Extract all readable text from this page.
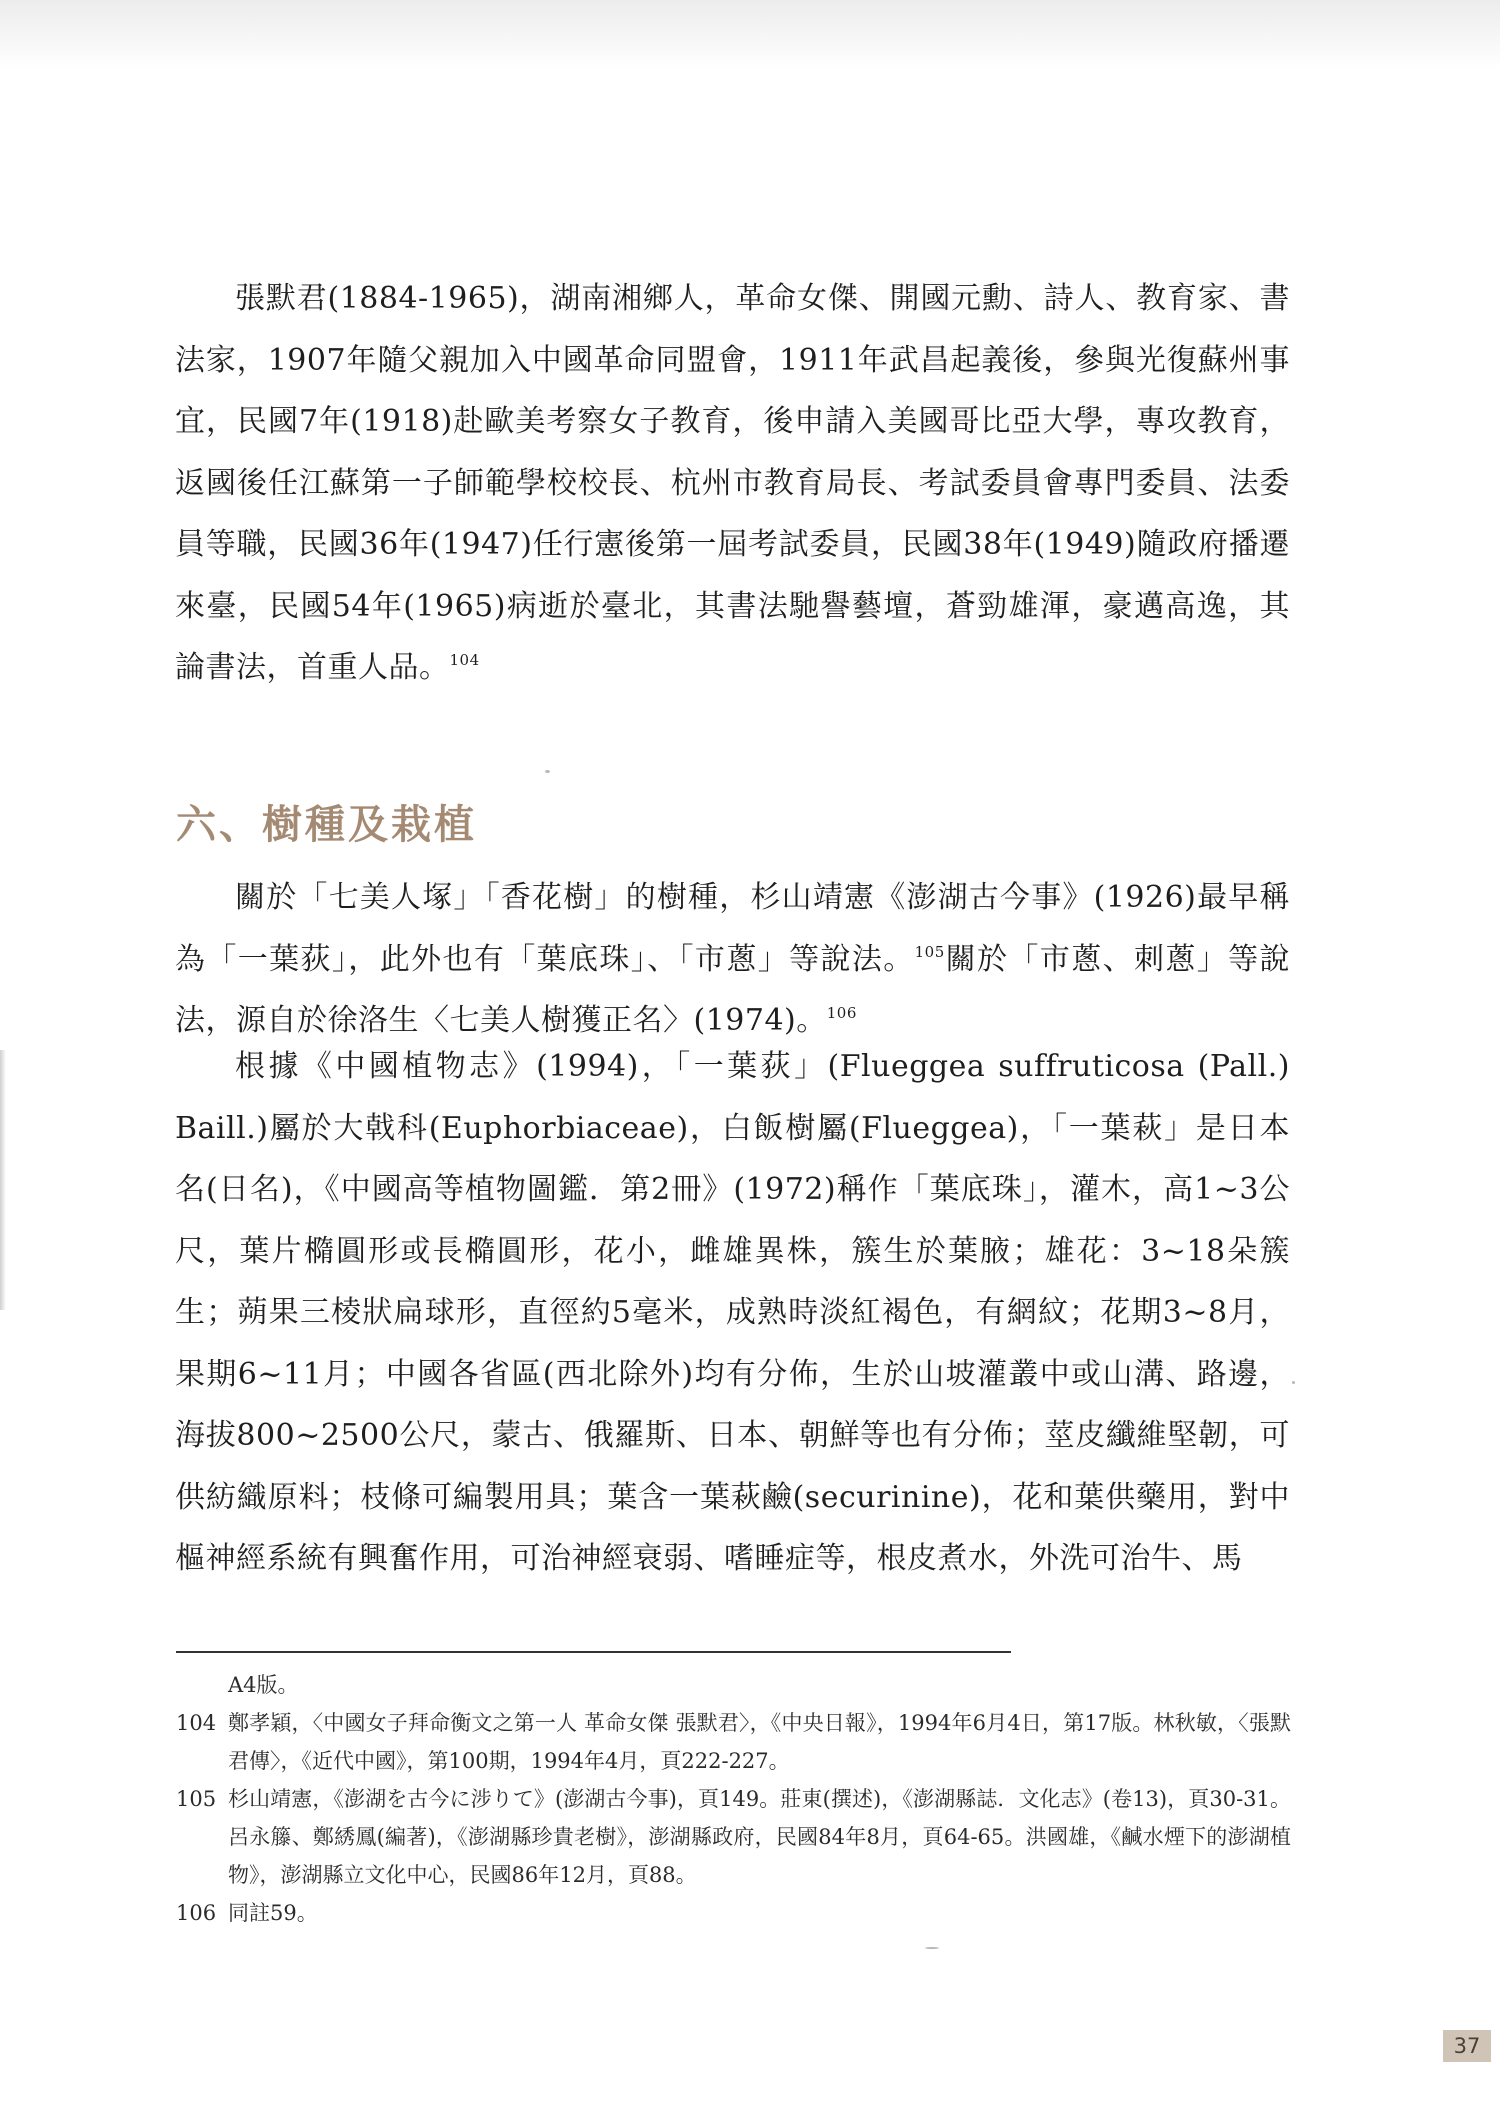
張默君(1884-1965)，湖南湘鄉人，革命女傑、開國元勳、詩人、教育家、書法家，1907年隨父親加入中國革命同盟會，1911年武昌起義後，參與光復蘇州事宜，民國7年(1918)赴歐美考察女子教育，後申請入美國哥比亞大學，專攻教育，返國後任江蘇第一子師範學校校長、杭州市教育局長、考試委員會專門委員、法委員等職，民國36年(1947)任行憲後第一屆考試委員，民國38年(1949)隨政府播遷來臺，民國54年(1965)病逝於臺北，其書法馳譽藝壇，蒼勁雄渾，豪邁高逸，其論書法，首重人品。$^{104}$

六、樹種及栽植

關於「七美人塚」「香花樹」的樹種，杉山靖憲《澎湖古今事》(1926)最早稱為「一葉荻」，此外也有「葉底珠」、「市蔥」等說法。$^{105}$關於「市蔥、刺蔥」等說法，源自於徐洛生〈七美人樹獲正名〉(1974)。$^{106}$

根據《中國植物志》(1994)，「一葉荻」(Flueggea suffruticosa (Pall.) Baill.)屬於大戟科(Euphorbiaceae)，白飯樹屬(Flueggea)，「一葉萩」是日本名(日名)，《中國高等植物圖鑑．第2冊》(1972)稱作「葉底珠」，灌木，高1~3公尺，葉片橢圓形或長橢圓形，花小，雌雄異株，簇生於葉腋；雄花：3~18朵簇生；蒴果三棱狀扁球形，直徑約5毫米，成熟時淡紅褐色，有網紋；花期3~8月，果期6~11月；中國各省區(西北除外)均有分佈，生於山坡灌叢中或山溝、路邊，海拔800~2500公尺，蒙古、俄羅斯、日本、朝鮮等也有分佈；莖皮纖維堅韌，可供紡織原料；枝條可編製用具；葉含一葉萩鹼(securinine)，花和葉供藥用，對中樞神經系統有興奮作用，可治神經衰弱、嗜睡症等，根皮煮水，外洗可治牛、馬

A4版。
104 鄭孝穎，〈中國女子拜命衡文之第一人 革命女傑 張默君〉，《中央日報》，1994年6月4日，第17版。林秋敏，〈張默君傳〉，《近代中國》，第100期，1994年4月，頁222-227。
105 杉山靖憲，《澎湖を古今に涉りて》(澎湖古今事)，頁149。莊東(撰述)，《澎湖縣誌．文化志》(卷13)，頁30-31。呂永籐、鄭綉鳳(編著)，《澎湖縣珍貴老樹》，澎湖縣政府，民國84年8月，頁64-65。洪國雄，《鹹水煙下的澎湖植物》，澎湖縣立文化中心，民國86年12月，頁88。
106 同註59。
37
